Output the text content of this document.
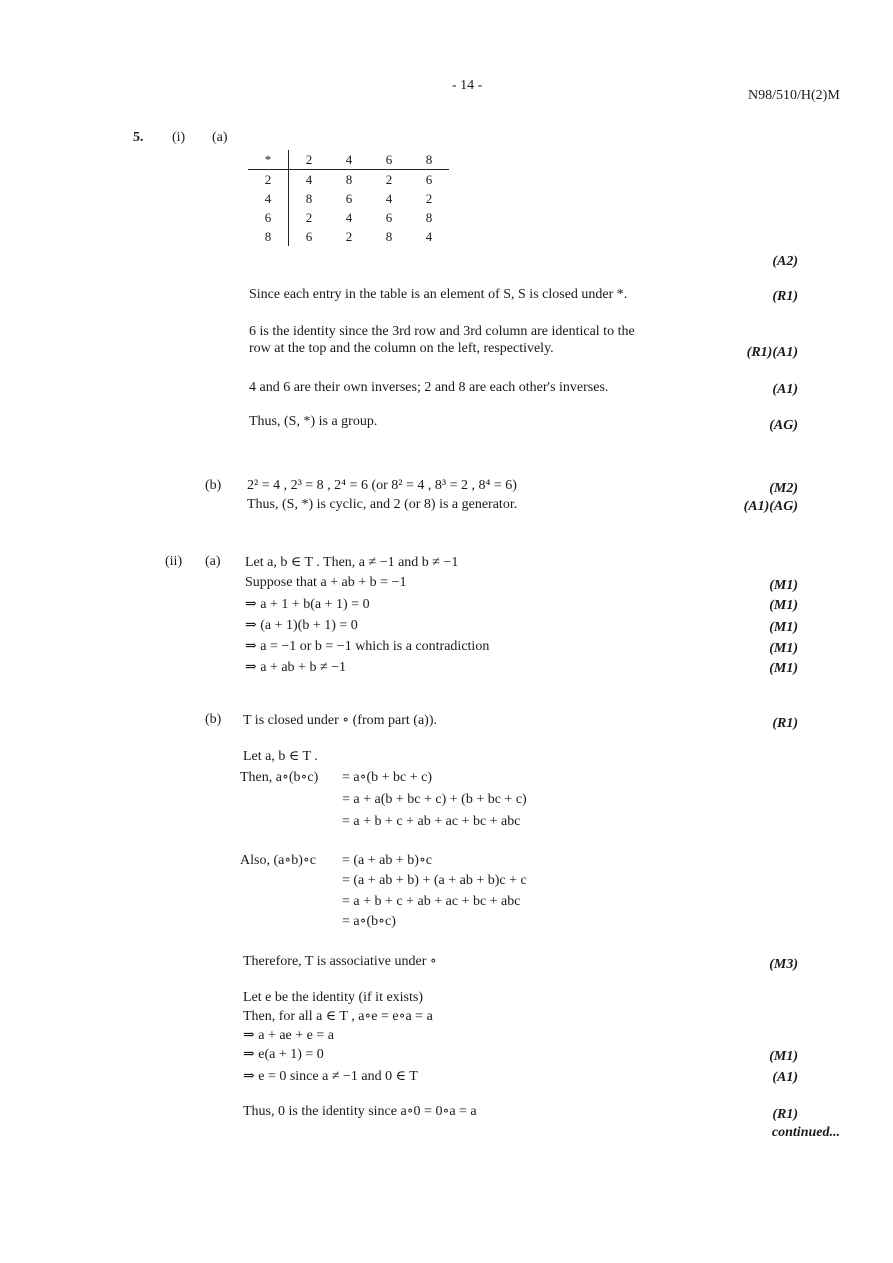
- 14 -
N98/510/H(2)M
5. (i) (a)
*	2	4	6	8
2	4	8	2	6
4	8	6	4	2
6	2	4	6	8
8	6	2	8	4
(A2)
Since each entry in the table is an element of S, S is closed under *.	(R1)
6 is the identity since the 3rd row and 3rd column are identical to the
row at the top and the column on the left, respectively.	(R1)(A1)
4 and 6 are their own inverses; 2 and 8 are each other's inverses.	(A1)
Thus, (S, *) is a group.	(AG)
(b) 2² = 4 , 2³ = 8 , 2⁴ = 6 (or 8² = 4 , 8³ = 2 , 8⁴ = 6)	(M2)
Thus, (S, *) is cyclic, and 2 (or 8) is a generator.	(A1)(AG)
(ii) (a) Let a, b ∈ T . Then, a ≠ −1 and b ≠ −1
Suppose that a + ab + b = −1	(M1)
⇒ a + 1 + b(a + 1) = 0	(M1)
⇒ (a + 1)(b + 1) = 0	(M1)
⇒ a = −1 or b = −1 which is a contradiction	(M1)
⇒ a + ab + b ≠ −1	(M1)
(b) T is closed under ∘ (from part (a)).	(R1)
Let a, b ∈ T .
Then, a∘(b∘c) = a∘(b + bc + c)
= a + a(b + bc + c) + (b + bc + c)
= a + b + c + ab + ac + bc + abc
Also, (a∘b)∘c = (a + ab + b)∘c
= (a + ab + b) + (a + ab + b)c + c
= a + b + c + ab + ac + bc + abc
= a∘(b∘c)
Therefore, T is associative under ∘	(M3)
Let e be the identity (if it exists)
Then, for all a ∈ T , a∘e = e∘a = a
⇒ a + ae + e = a
⇒ e(a + 1) = 0	(M1)
⇒ e = 0 since a ≠ −1 and 0 ∈ T	(A1)
Thus, 0 is the identity since a∘0 = 0∘a = a	(R1)
continued...
